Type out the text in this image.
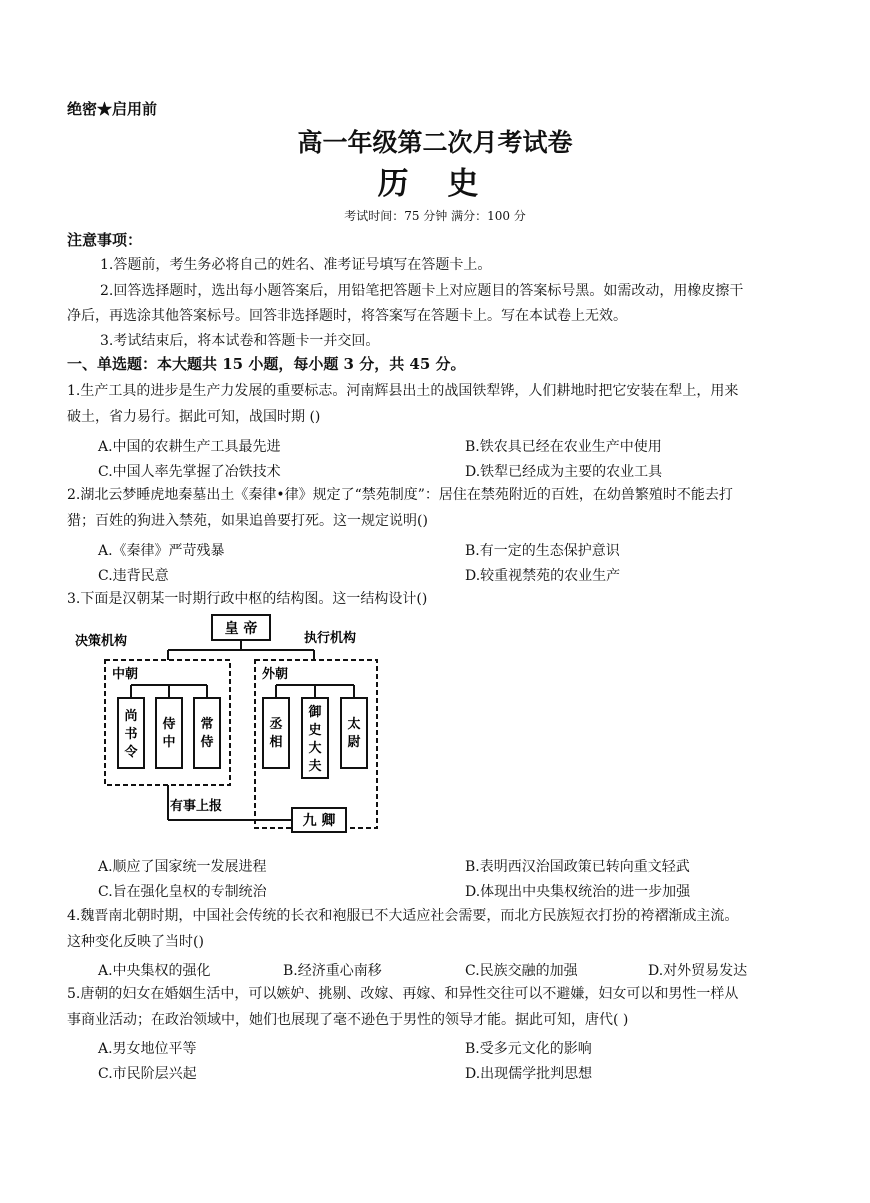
绝密★启用前
高一年级第二次月考试卷
历 史
考试时间：75 分钟 满分：100 分
注意事项：
1.答题前，考生务必将自己的姓名、准考证号填写在答题卡上。
2.回答选择题时，选出每小题答案后，用铅笔把答题卡上对应题目的答案标号黑。如需改动，用橡皮擦干
净后，再选涂其他答案标号。回答非选择题时，将答案写在答题卡上。写在本试卷上无效。
3.考试结束后，将本试卷和答题卡一并交回。
一、单选题：本大题共 15 小题，每小题 3 分，共 45 分。
1.生产工具的进步是生产力发展的重要标志。河南辉县出土的战国铁犁铧，人们耕地时把它安装在犁上，用来
破土，省力易行。据此可知，战国时期 ()
A.中国的农耕生产工具最先进	B.铁农具已经在农业生产中使用
C.中国人率先掌握了冶铁技术	D.铁犁已经成为主要的农业工具
2.湖北云梦睡虎地秦墓出土《秦律•律》规定了“禁苑制度”：居住在禁苑附近的百姓，在幼兽繁殖时不能去打
猎；百姓的狗进入禁苑，如果追兽要打死。这一规定说明()
A.《秦律》严苛残暴	B.有一定的生态保护意识
C.违背民意	D.较重视禁苑的农业生产
3.下面是汉朝某一时期行政中枢的结构图。这一结构设计()
皇 帝
决策机构	执行机构
中朝
尚书令
侍中
常侍
外朝
丞相
御史大夫
太尉
有事上报
九 卿
A.顺应了国家统一发展进程	B.表明西汉治国政策已转向重文轻武
C.旨在强化皇权的专制统治	D.体现出中央集权统治的进一步加强
4.魏晋南北朝时期，中国社会传统的长衣和袍服已不大适应社会需要，而北方民族短衣打扮的袴褶渐成主流。
这种变化反映了当时()
A.中央集权的强化	B.经济重心南移	C.民族交融的加强	D.对外贸易发达
5.唐朝的妇女在婚姻生活中，可以嫉妒、挑剔、改嫁、再嫁、和异性交往可以不避嫌，妇女可以和男性一样从
事商业活动；在政治领域中，她们也展现了毫不逊色于男性的领导才能。据此可知，唐代( )
A.男女地位平等	B.受多元文化的影响
C.市民阶层兴起	D.出现儒学批判思想
